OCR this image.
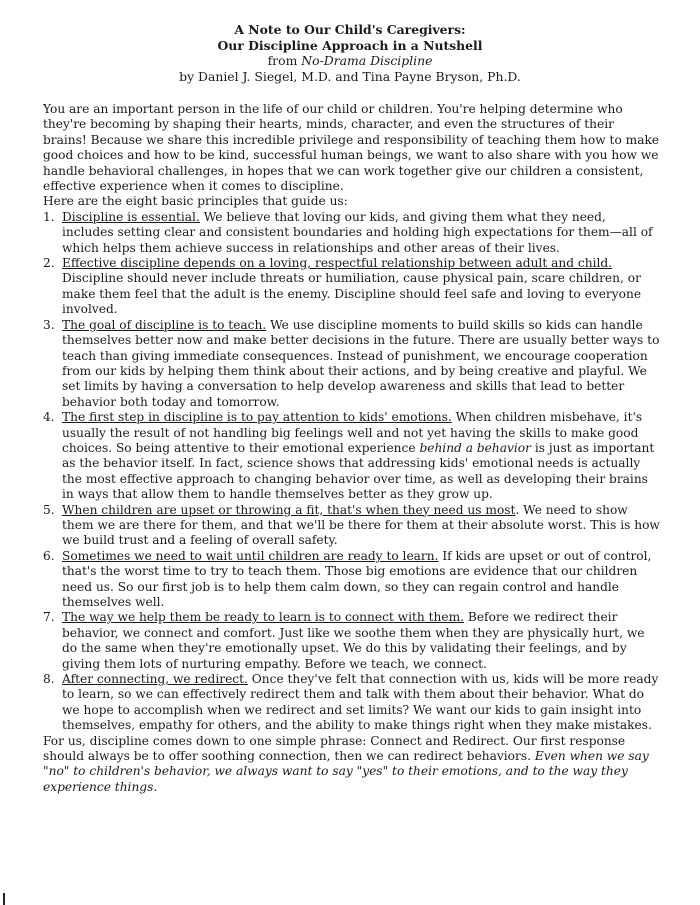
A Note to Our Child's Caregivers:
Our Discipline Approach in a Nutshell
from No-Drama Discipline
by Daniel J. Siegel, M.D. and Tina Payne Bryson, Ph.D.

You are an important person in the life of our child or children. You're helping determine who they're becoming by shaping their hearts, minds, character, and even the structures of their brains! Because we share this incredible privilege and responsibility of teaching them how to make good choices and how to be kind, successful human beings, we want to also share with you how we handle behavioral challenges, in hopes that we can work together give our children a consistent, effective experience when it comes to discipline.

Here are the eight basic principles that guide us:

1. Discipline is essential. We believe that loving our kids, and giving them what they need, includes setting clear and consistent boundaries and holding high expectations for them—all of which helps them achieve success in relationships and other areas of their lives.
2. Effective discipline depends on a loving, respectful relationship between adult and child. Discipline should never include threats or humiliation, cause physical pain, scare children, or make them feel that the adult is the enemy. Discipline should feel safe and loving to everyone involved.
3. The goal of discipline is to teach. We use discipline moments to build skills so kids can handle themselves better now and make better decisions in the future. There are usually better ways to teach than giving immediate consequences. Instead of punishment, we encourage cooperation from our kids by helping them think about their actions, and by being creative and playful. We set limits by having a conversation to help develop awareness and skills that lead to better behavior both today and tomorrow.
4. The first step in discipline is to pay attention to kids' emotions. When children misbehave, it's usually the result of not handling big feelings well and not yet having the skills to make good choices. So being attentive to their emotional experience behind a behavior is just as important as the behavior itself. In fact, science shows that addressing kids' emotional needs is actually the most effective approach to changing behavior over time, as well as developing their brains in ways that allow them to handle themselves better as they grow up.
5. When children are upset or throwing a fit, that's when they need us most. We need to show them we are there for them, and that we'll be there for them at their absolute worst. This is how we build trust and a feeling of overall safety.
6. Sometimes we need to wait until children are ready to learn. If kids are upset or out of control, that's the worst time to try to teach them. Those big emotions are evidence that our children need us. So our first job is to help them calm down, so they can regain control and handle themselves well.
7. The way we help them be ready to learn is to connect with them. Before we redirect their behavior, we connect and comfort. Just like we soothe them when they are physically hurt, we do the same when they're emotionally upset. We do this by validating their feelings, and by giving them lots of nurturing empathy. Before we teach, we connect.
8. After connecting, we redirect. Once they've felt that connection with us, kids will be more ready to learn, so we can effectively redirect them and talk with them about their behavior. What do we hope to accomplish when we redirect and set limits? We want our kids to gain insight into themselves, empathy for others, and the ability to make things right when they make mistakes.

For us, discipline comes down to one simple phrase: Connect and Redirect. Our first response should always be to offer soothing connection, then we can redirect behaviors. Even when we say "no" to children's behavior, we always want to say "yes" to their emotions, and to the way they experience things.
